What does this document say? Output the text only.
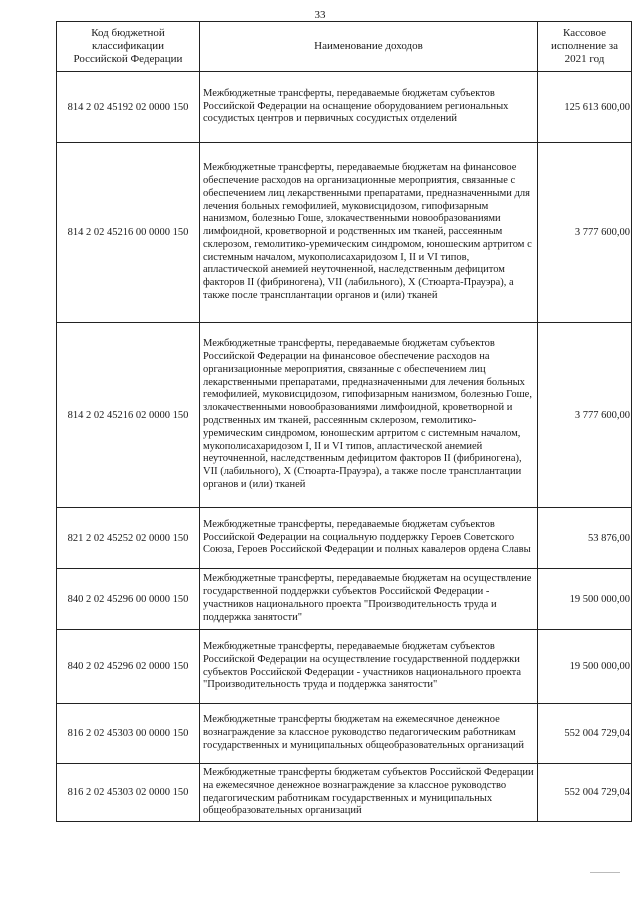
33
Код бюджетной классификации Российской Федерации	Наименование доходов	Кассовое исполнение за 2021 год
814 2 02 45192 02 0000 150	Межбюджетные трансферты, передаваемые бюджетам субъектов Российской Федерации на оснащение оборудованием региональных сосудистых центров и первичных сосудистых отделений	125 613 600,00
814 2 02 45216 00 0000 150	Межбюджетные трансферты, передаваемые бюджетам на финансовое обеспечение расходов на организационные мероприятия, связанные с обеспечением лиц лекарственными препаратами, предназначенными для лечения больных гемофилией, муковисцидозом, гипофизарным нанизмом, болезнью Гоше, злокачественными новообразованиями лимфоидной, кроветворной и родственных им тканей, рассеянным склерозом, гемолитико-уремическим синдромом, юношеским артритом с системным началом, мукополисахаридозом I, II и VI типов, апластической анемией неуточненной, наследственным дефицитом факторов II (фибриногена), VII (лабильного), X (Стюарта-Прауэра), а также после трансплантации органов и (или) тканей	3 777 600,00
814 2 02 45216 02 0000 150	Межбюджетные трансферты, передаваемые бюджетам субъектов Российской Федерации на финансовое обеспечение расходов на организационные мероприятия, связанные с обеспечением лиц лекарственными препаратами, предназначенными для лечения больных гемофилией, муковисцидозом, гипофизарным нанизмом, болезнью Гоше, злокачественными новообразованиями лимфоидной, кроветворной и родственных им тканей, рассеянным склерозом, гемолитико-уремическим синдромом, юношеским артритом с системным началом, мукополисахаридозом I, II и VI типов, апластической анемией неуточненной, наследственным дефицитом факторов II (фибриногена), VII (лабильного), X (Стюарта-Прауэра), а также после трансплантации органов и (или) тканей	3 777 600,00
821 2 02 45252 02 0000 150	Межбюджетные трансферты, передаваемые бюджетам субъектов Российской Федерации на социальную поддержку Героев Советского Союза, Героев Российской Федерации и полных кавалеров ордена Славы	53 876,00
840 2 02 45296 00 0000 150	Межбюджетные трансферты, передаваемые бюджетам на осуществление государственной поддержки субъектов Российской Федерации - участников национального проекта "Производительность труда и поддержка занятости"	19 500 000,00
840 2 02 45296 02 0000 150	Межбюджетные трансферты, передаваемые бюджетам субъектов Российской Федерации на осуществление государственной поддержки субъектов Российской Федерации - участников национального проекта "Производительность труда и поддержка занятости"	19 500 000,00
816 2 02 45303 00 0000 150	Межбюджетные трансферты бюджетам на ежемесячное денежное вознаграждение за классное руководство педагогическим работникам государственных и муниципальных общеобразовательных организаций	552 004 729,04
816 2 02 45303 02 0000 150	Межбюджетные трансферты бюджетам субъектов Российской Федерации на ежемесячное денежное вознаграждение за классное руководство педагогическим работникам государственных и муниципальных общеобразовательных организаций	552 004 729,04
